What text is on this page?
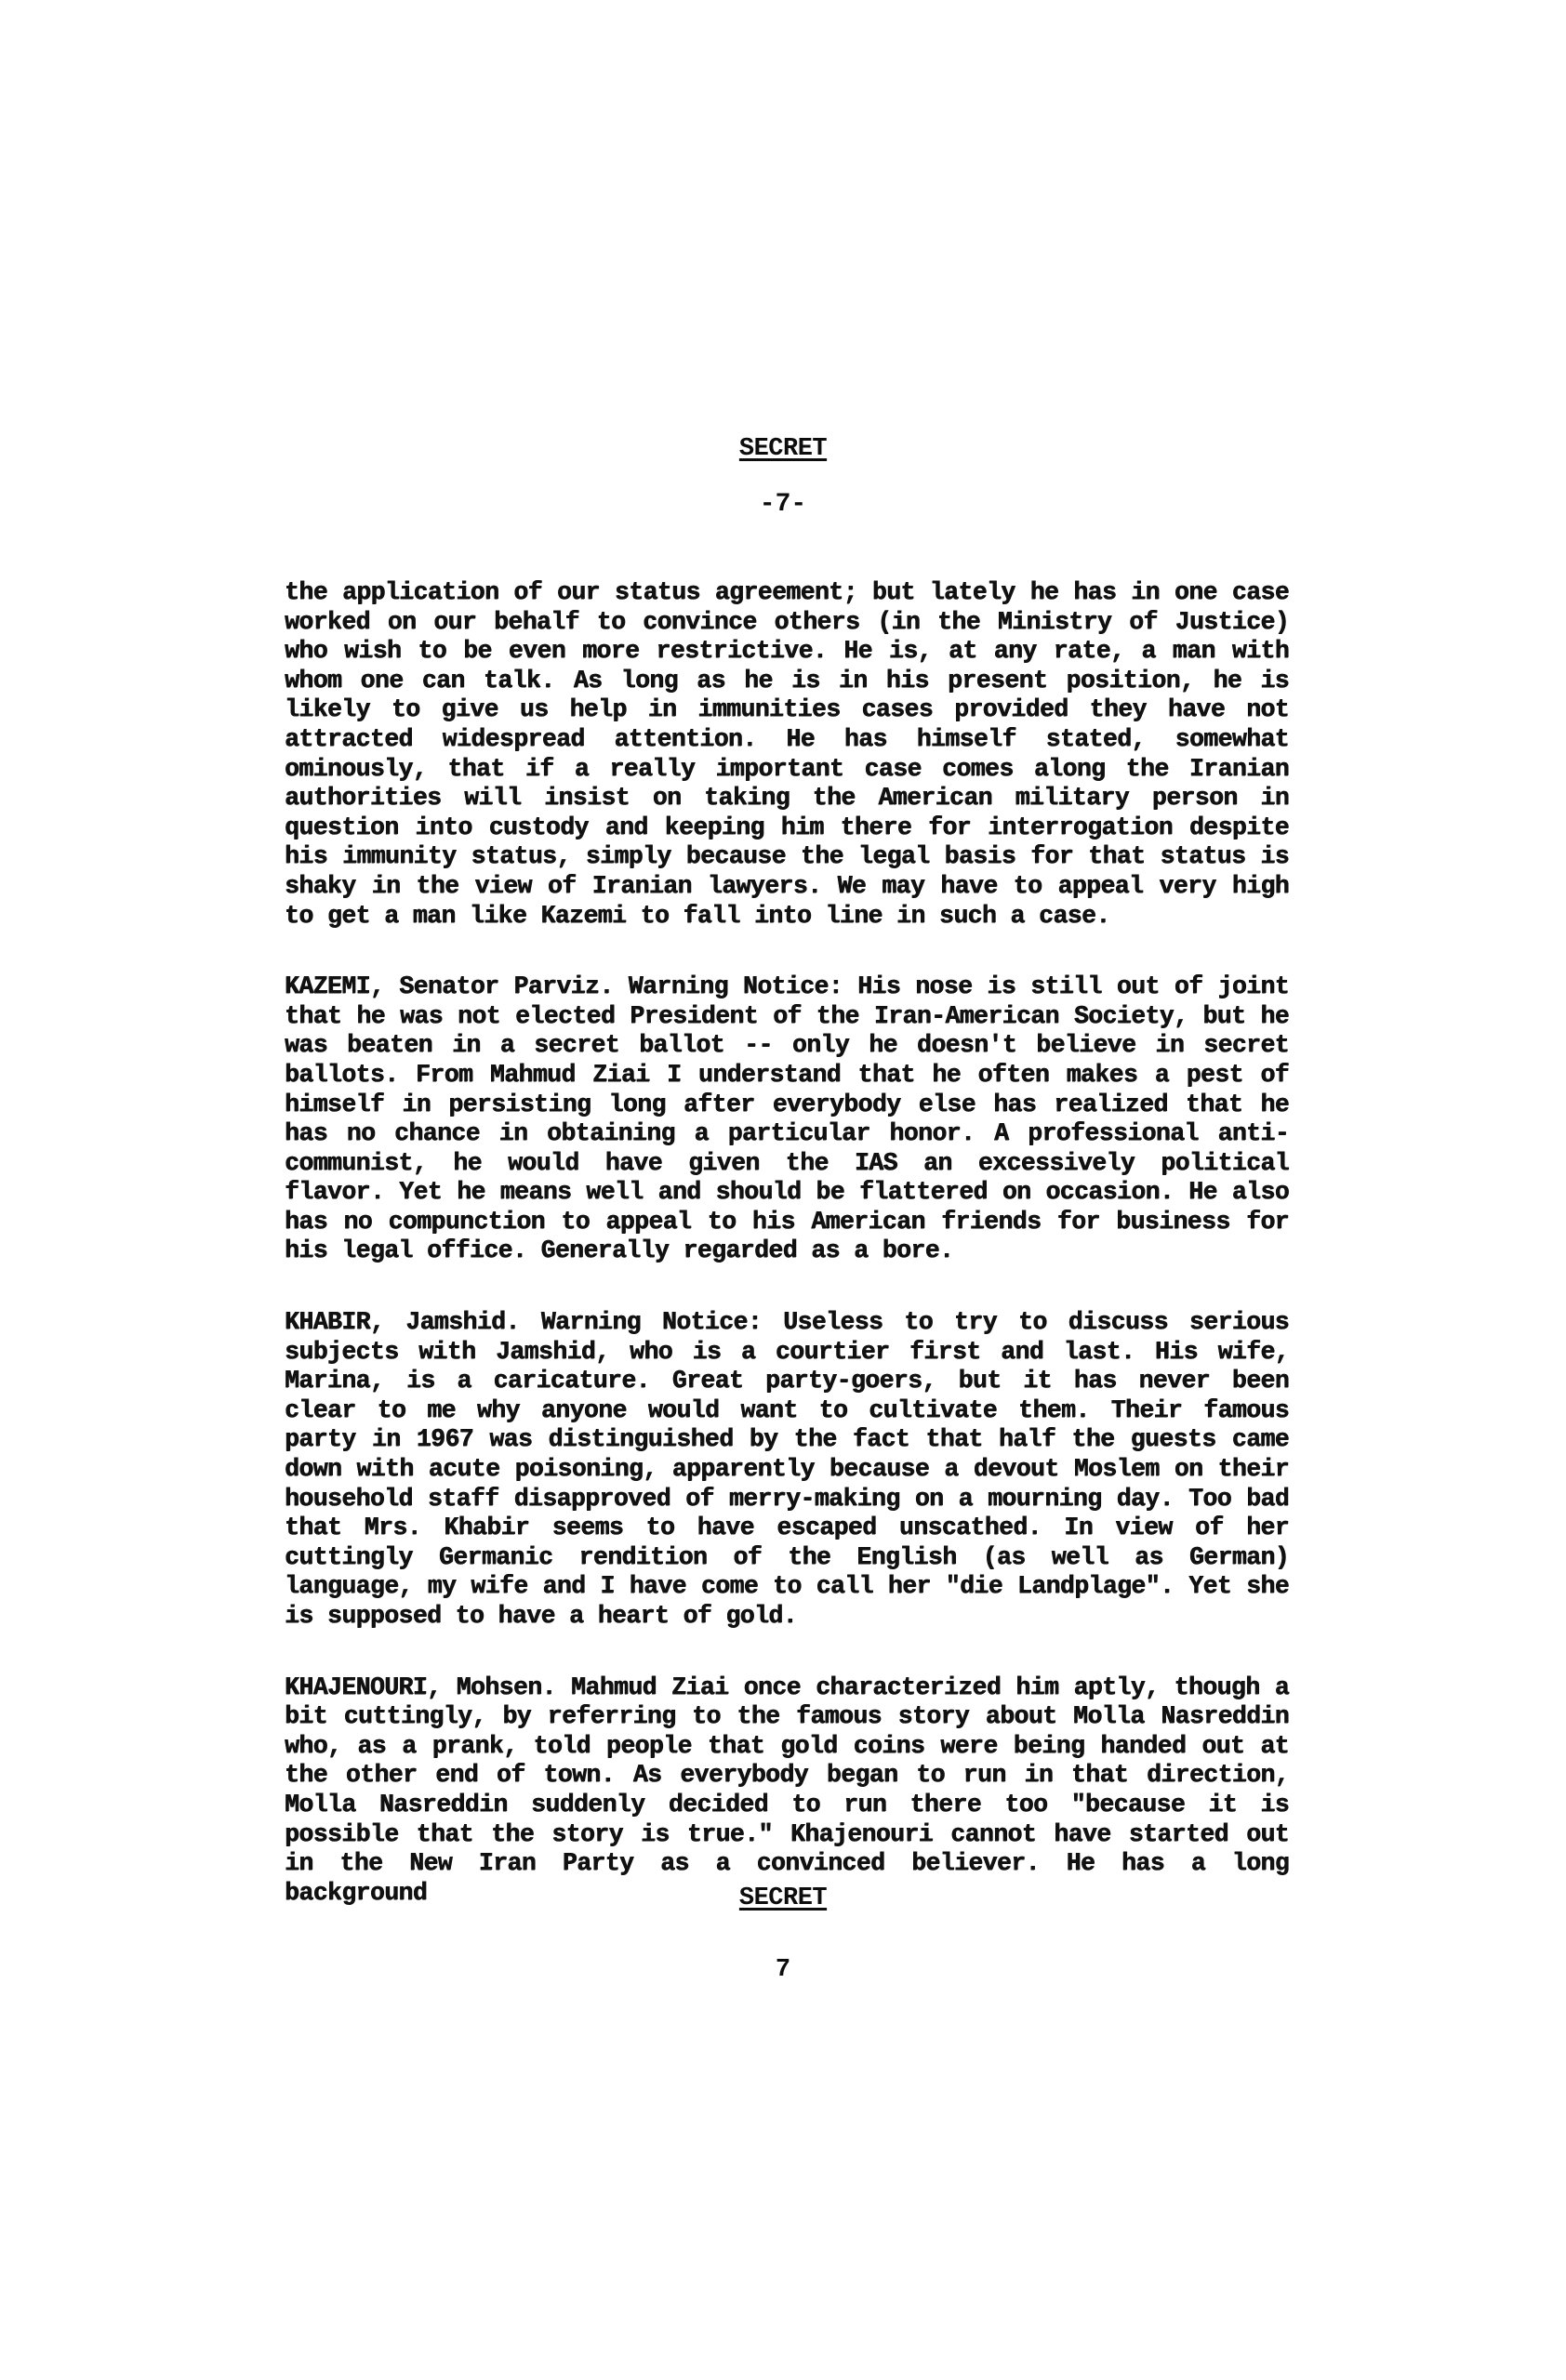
SECRET
-7-

the application of our status agreement; but lately he has in one case worked on our behalf to convince others (in the Ministry of Justice) who wish to be even more restrictive. He is, at any rate, a man with whom one can talk. As long as he is in his present position, he is likely to give us help in immunities cases provided they have not attracted widespread attention. He has himself stated, somewhat ominously, that if a really important case comes along the Iranian authorities will insist on taking the American military person in question into custody and keeping him there for interrogation despite his immunity status, simply because the legal basis for that status is shaky in the view of Iranian lawyers. We may have to appeal very high to get a man like Kazemi to fall into line in such a case.

KAZEMI, Senator Parviz. Warning Notice: His nose is still out of joint that he was not elected President of the Iran-American Society, but he was beaten in a secret ballot -- only he doesn't believe in secret ballots. From Mahmud Ziai I understand that he often makes a pest of himself in persisting long after everybody else has realized that he has no chance in obtaining a particular honor. A professional anti-communist, he would have given the IAS an excessively political flavor. Yet he means well and should be flattered on occasion. He also has no compunction to appeal to his American friends for business for his legal office. Generally regarded as a bore.

KHABIR, Jamshid. Warning Notice: Useless to try to discuss serious subjects with Jamshid, who is a courtier first and last. His wife, Marina, is a caricature. Great party-goers, but it has never been clear to me why anyone would want to cultivate them. Their famous party in 1967 was distinguished by the fact that half the guests came down with acute poisoning, apparently because a devout Moslem on their household staff disapproved of merry-making on a mourning day. Too bad that Mrs. Khabir seems to have escaped unscathed. In view of her cuttingly Germanic rendition of the English (as well as German) language, my wife and I have come to call her "die Landplage". Yet she is supposed to have a heart of gold.

KHAJENOURI, Mohsen. Mahmud Ziai once characterized him aptly, though a bit cuttingly, by referring to the famous story about Molla Nasreddin who, as a prank, told people that gold coins were being handed out at the other end of town. As everybody began to run in that direction, Molla Nasreddin suddenly decided to run there too "because it is possible that the story is true." Khajenouri cannot have started out in the New Iran Party as a convinced believer. He has a long background	SECRET
7
